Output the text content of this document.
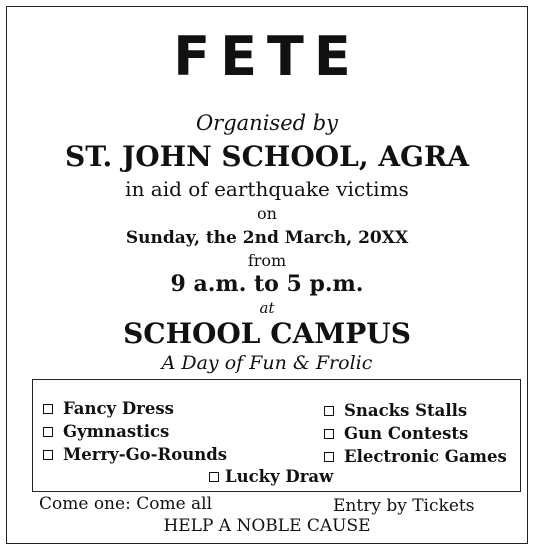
FETE
Organised by
ST. JOHN SCHOOL, AGRA
in aid of earthquake victims
on
Sunday, the 2nd March, 20XX
from
9 a.m. to 5 p.m.
at
SCHOOL CAMPUS
A Day of Fun & Frolic
Fancy Dress
Gymnastics
Merry-Go-Rounds
Snacks Stalls
Gun Contests
Electronic Games
Lucky Draw
Come one: Come all	Entry by Tickets
HELP A NOBLE CAUSE
